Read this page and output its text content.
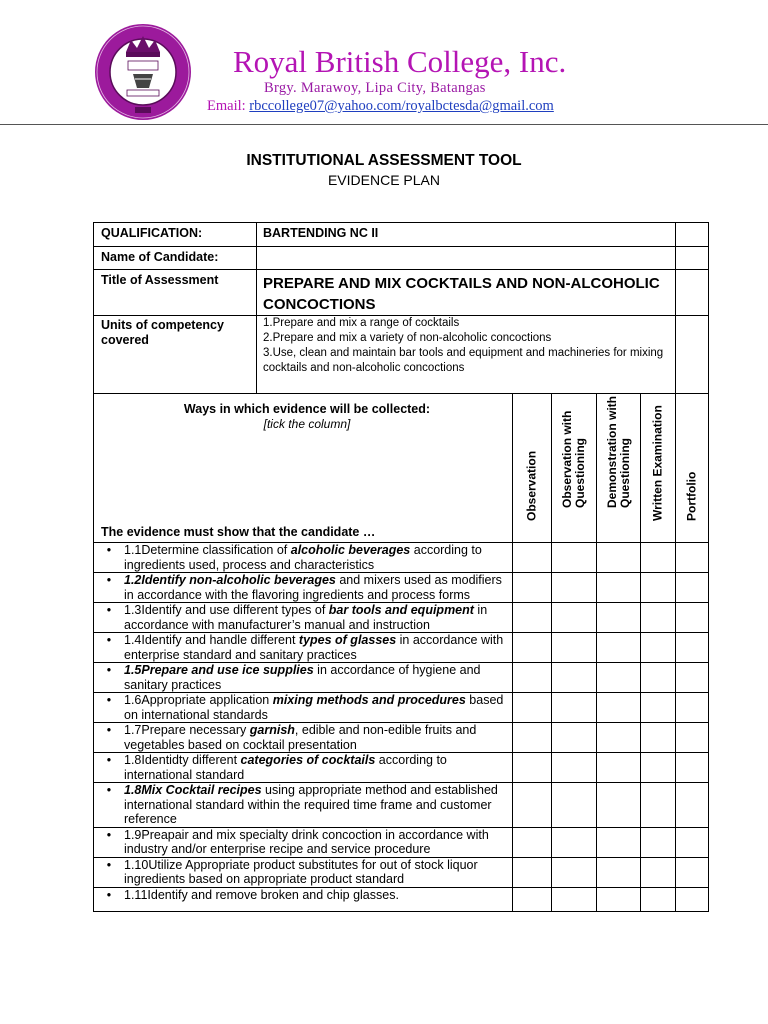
Royal British College, Inc.
Brgy. Marawoy, Lipa City, Batangas
Email: rbccollege07@yahoo.com/royalbctesda@gmail.com
INSTITUTIONAL ASSESSMENT TOOL
EVIDENCE PLAN
QUALIFICATION:	BARTENDING NC II					
Name of Candidate:						
Title of Assessment	PREPARE AND MIX COCKTAILS AND NON-ALCOHOLIC CONCOCTIONS					
Units of competency covered	1.Prepare and mix a range of cocktails
2.Prepare and mix a variety of non-alcoholic concoctions
3.Use, clean and maintain bar tools and equipment and machineries for mixing cocktails and non-alcoholic concoctions					

Ways in which evidence will be collected:
[tick the column]
The evidence must show that the candidate …		Observation	Observation with Questioning	Demonstration with Questioning	Written Examination	Portfolio

• 1.1Determine classification of alcoholic beverages according to ingredients used, process and characteristics						

• 1.2Identify non-alcoholic beverages and mixers used as modifiers in accordance with the flavoring ingredients and process forms						

• 1.3Identify and use different types of bar tools and equipment in accordance with manufacturer’s manual and instruction						

• 1.4Identify and handle different types of glasses in accordance with enterprise standard and sanitary practices						

• 1.5Prepare and use ice supplies in accordance of hygiene and sanitary practices						

• 1.6Appropriate application mixing methods and procedures based on international standards						

• 1.7Prepare necessary garnish, edible and non-edible fruits and vegetables based on cocktail presentation						

• 1.8Identidty different categories of cocktails according to international standard						

• 1.8Mix Cocktail recipes using appropriate method and established international standard within the required time frame and customer reference						

• 1.9Preapair and mix specialty drink concoction in accordance with industry and/or enterprise recipe and service procedure						

• 1.10Utilize Appropriate product substitutes for out of stock liquor ingredients based on appropriate product standard						

• 1.11Identify and remove broken and chip glasses.						
